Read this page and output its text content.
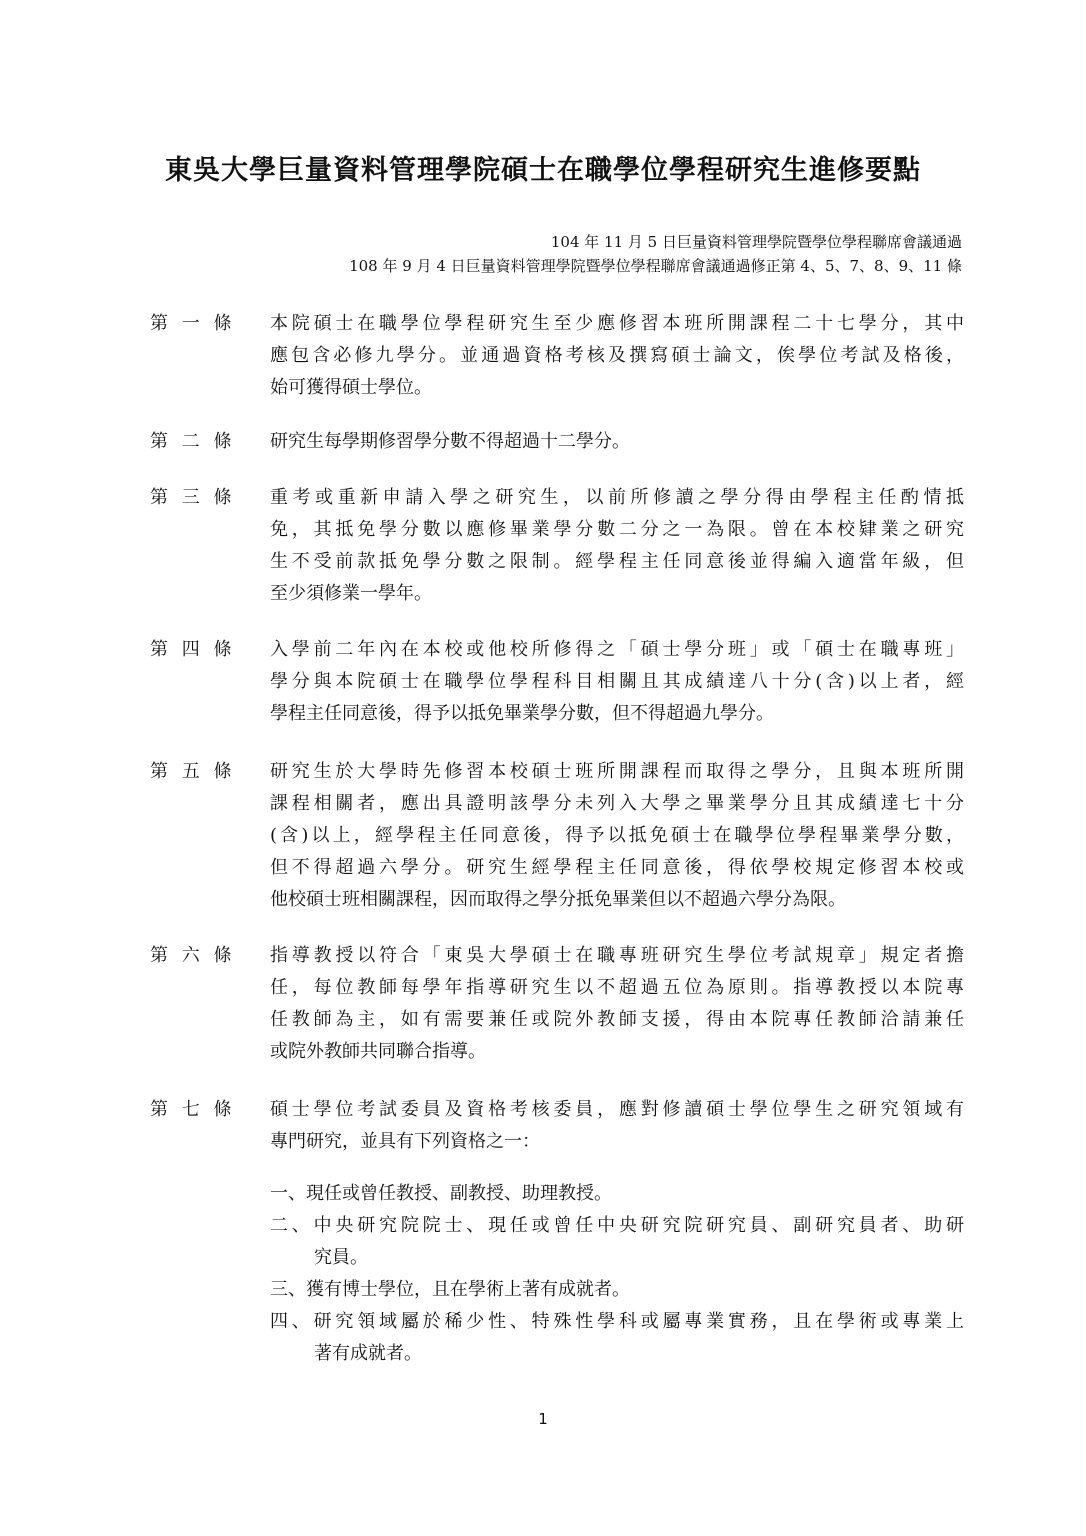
東吳大學巨量資料管理學院碩士在職學位學程研究生進修要點
104 年 11 月 5 日巨量資料管理學院暨學位學程聯席會議通過
108 年 9 月 4 日巨量資料管理學院暨學位學程聯席會議通過修正第 4、5、7、8、9、11 條
第 一 條	本院碩士在職學位學程研究生至少應修習本班所開課程二十七學分，其中
應包含必修九學分。並通過資格考核及撰寫碩士論文，俟學位考試及格後，
始可獲得碩士學位。
第 二 條	研究生每學期修習學分數不得超過十二學分。
第 三 條	重考或重新申請入學之研究生，以前所修讀之學分得由學程主任酌情抵
免，其抵免學分數以應修畢業學分數二分之一為限。曾在本校肄業之研究
生不受前款抵免學分數之限制。經學程主任同意後並得編入適當年級，但
至少須修業一學年。
第 四 條	入學前二年內在本校或他校所修得之「碩士學分班」或「碩士在職專班」
學分與本院碩士在職學位學程科目相關且其成績達八十分(含)以上者，經
學程主任同意後，得予以抵免畢業學分數，但不得超過九學分。
第 五 條	研究生於大學時先修習本校碩士班所開課程而取得之學分，且與本班所開
課程相關者，應出具證明該學分未列入大學之畢業學分且其成績達七十分
(含)以上，經學程主任同意後，得予以抵免碩士在職學位學程畢業學分數，
但不得超過六學分。研究生經學程主任同意後，得依學校規定修習本校或
他校碩士班相關課程，因而取得之學分抵免畢業但以不超過六學分為限。
第 六 條	指導教授以符合「東吳大學碩士在職專班研究生學位考試規章」規定者擔
任，每位教師每學年指導研究生以不超過五位為原則。指導教授以本院專
任教師為主，如有需要兼任或院外教師支援，得由本院專任教師洽請兼任
或院外教師共同聯合指導。
第 七 條	碩士學位考試委員及資格考核委員，應對修讀碩士學位學生之研究領域有
專門研究，並具有下列資格之一：
一、現任或曾任教授、副教授、助理教授。
二、中央研究院院士、現任或曾任中央研究院研究員、副研究員者、助研
究員。
三、獲有博士學位，且在學術上著有成就者。
四、研究領域屬於稀少性、特殊性學科或屬專業實務，且在學術或專業上
著有成就者。
1
